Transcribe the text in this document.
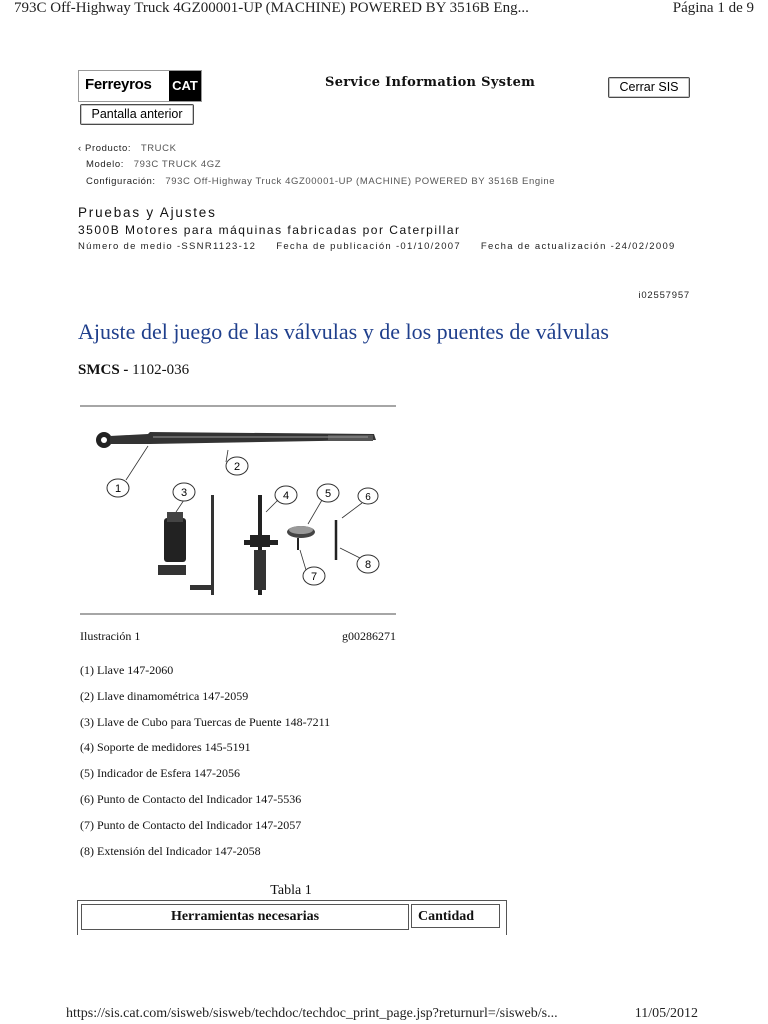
793C Off-Highway Truck 4GZ00001-UP (MACHINE) POWERED BY 3516B Eng...	Página 1 de 9
Ferreyros CAT	Service Information System	Cerrar SIS
Pantalla anterior
‹ Producto: TRUCK
Modelo: 793C TRUCK 4GZ
Configuración: 793C Off-Highway Truck 4GZ00001-UP (MACHINE) POWERED BY 3516B Engine
Pruebas y Ajustes
3500B Motores para máquinas fabricadas por Caterpillar
Número de medio -SSNR1123-12 Fecha de publicación -01/10/2007 Fecha de actualización -24/02/2009
i02557957
Ajuste del juego de las válvulas y de los puentes de válvulas
SMCS - 1102-036
1
2
3	4	5	6
7
8
Ilustración 1	g00286271
(1) Llave 147-2060
(2) Llave dinamométrica 147-2059
(3) Llave de Cubo para Tuercas de Puente 148-7211
(4) Soporte de medidores 145-5191
(5) Indicador de Esfera 147-2056
(6) Punto de Contacto del Indicador 147-5536
(7) Punto de Contacto del Indicador 147-2057
(8) Extensión del Indicador 147-2058
Tabla 1
Herramientas necesarias	Cantidad
https://sis.cat.com/sisweb/sisweb/techdoc/techdoc_print_page.jsp?returnurl=/sisweb/s...	11/05/2012
